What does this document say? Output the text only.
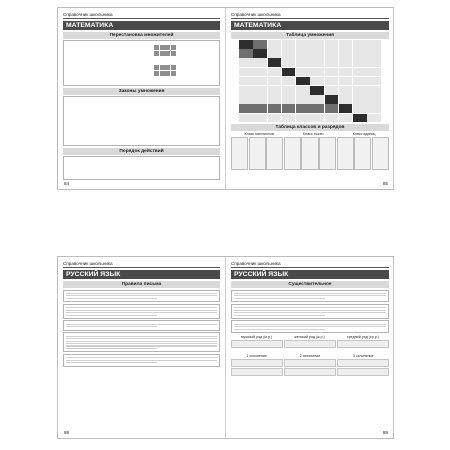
Справочник школьника
МАТЕМАТИКА
Перестановка множителей
Законы умножения
Порядок действий
84
Справочник школьника
МАТЕМАТИКА
Таблица умножения
Таблица классов и разрядов
Класс миллионов	Класс тысяч	Класс единиц
85
Справочник школьника
РУССКИЙ ЯЗЫК
Правила письма
88
Справочник школьника
РУССКИЙ ЯЗЫК
Существительное
мужской род (м.р.)	женский род (ж.р.)	средний род (ср.р.)
1 склонение	2 склонение	3 склонение
89
